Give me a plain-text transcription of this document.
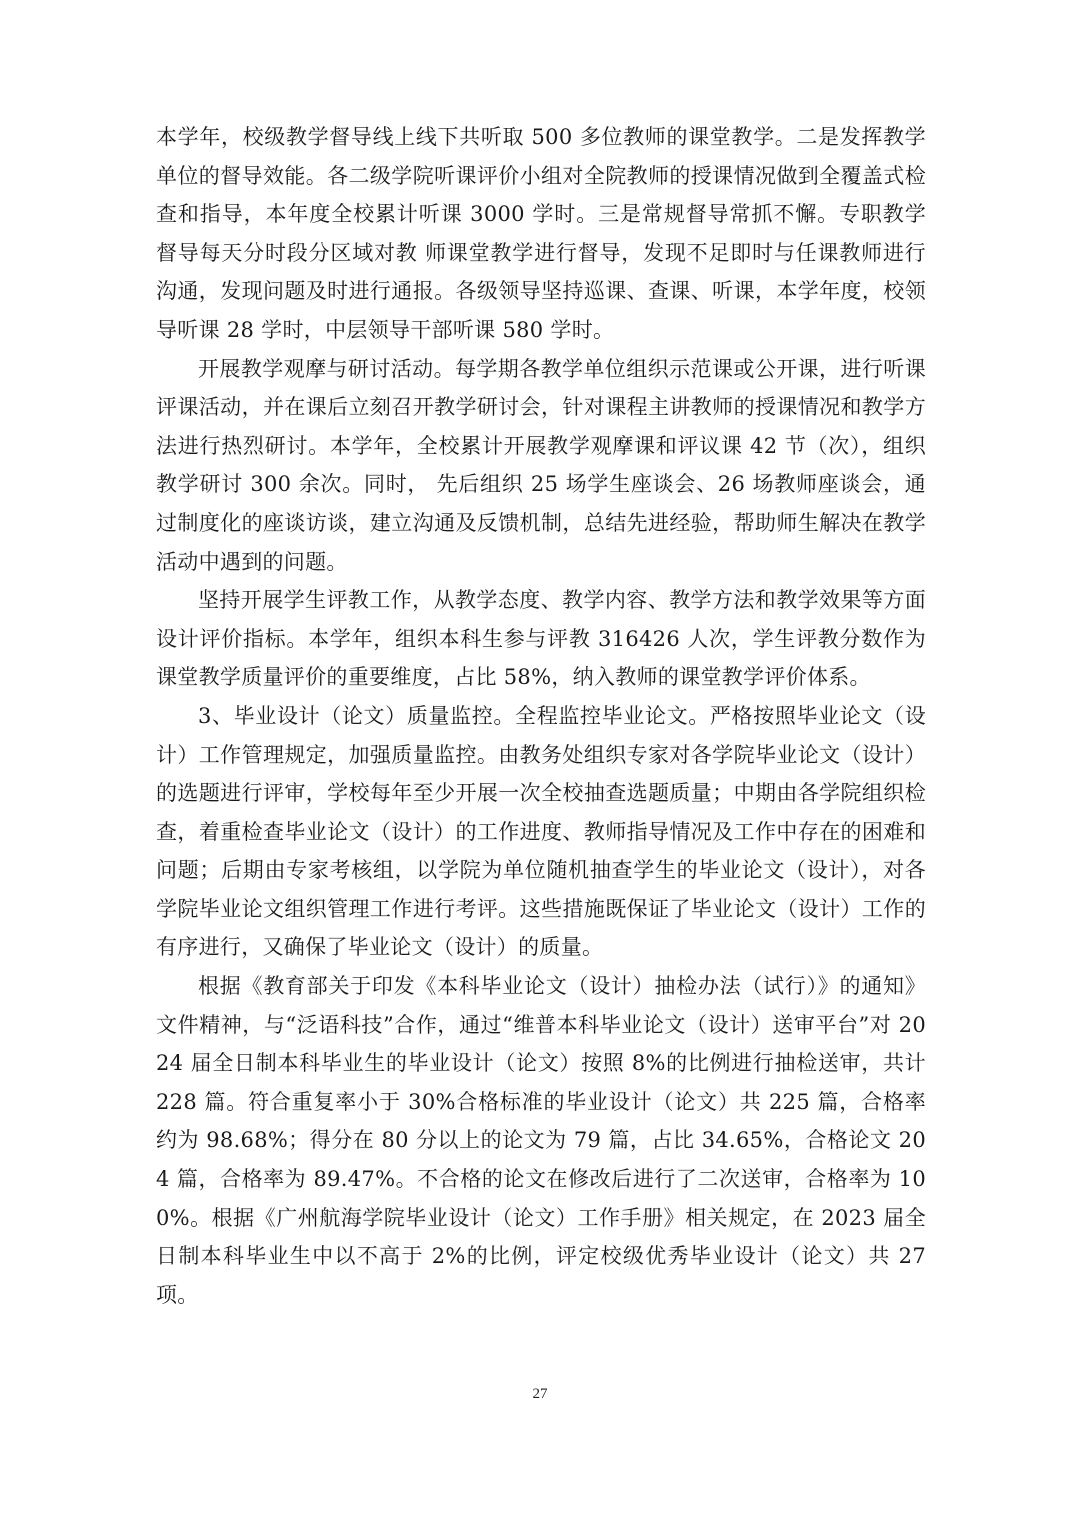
本学年，校级教学督导线上线下共听取 500 多位教师的课堂教学。二是发挥教学单位的督导效能。各二级学院听课评价小组对全院教师的授课情况做到全覆盖式检查和指导，本年度全校累计听课 3000 学时。三是常规督导常抓不懈。专职教学督导每天分时段分区域对教 师课堂教学进行督导，发现不足即时与任课教师进行沟通，发现问题及时进行通报。各级领导坚持巡课、查课、听课，本学年度，校领导听课 28 学时，中层领导干部听课 580 学时。

开展教学观摩与研讨活动。每学期各教学单位组织示范课或公开课，进行听课评课活动，并在课后立刻召开教学研讨会，针对课程主讲教师的授课情况和教学方法进行热烈研讨。本学年，全校累计开展教学观摩课和评议课 42 节（次），组织教学研讨 300 余次。同时， 先后组织 25 场学生座谈会、26 场教师座谈会，通过制度化的座谈访谈，建立沟通及反馈机制，总结先进经验，帮助师生解决在教学活动中遇到的问题。

坚持开展学生评教工作，从教学态度、教学内容、教学方法和教学效果等方面设计评价指标。本学年，组织本科生参与评教 316426 人次，学生评教分数作为课堂教学质量评价的重要维度，占比 58%，纳入教师的课堂教学评价体系。

3、毕业设计（论文）质量监控。全程监控毕业论文。严格按照毕业论文（设计）工作管理规定，加强质量监控。由教务处组织专家对各学院毕业论文（设计）的选题进行评审，学校每年至少开展一次全校抽查选题质量；中期由各学院组织检查，着重检查毕业论文（设计）的工作进度、教师指导情况及工作中存在的困难和问题；后期由专家考核组，以学院为单位随机抽查学生的毕业论文（设计），对各学院毕业论文组织管理工作进行考评。这些措施既保证了毕业论文（设计）工作的有序进行，又确保了毕业论文（设计）的质量。

根据《教育部关于印发《本科毕业论文（设计）抽检办法（试行）》的通知》文件精神，与“泛语科技”合作，通过“维普本科毕业论文（设计）送审平台”对 2024 届全日制本科毕业生的毕业设计（论文）按照 8%的比例进行抽检送审，共计 228 篇。符合重复率小于 30%合格标准的毕业设计（论文）共 225 篇，合格率约为 98.68%；得分在 80 分以上的论文为 79 篇，占比 34.65%，合格论文 204 篇，合格率为 89.47%。不合格的论文在修改后进行了二次送审，合格率为 100%。根据《广州航海学院毕业设计（论文）工作手册》相关规定，在 2023 届全日制本科毕业生中以不高于 2%的比例，评定校级优秀毕业设计（论文）共 27 项。

27
